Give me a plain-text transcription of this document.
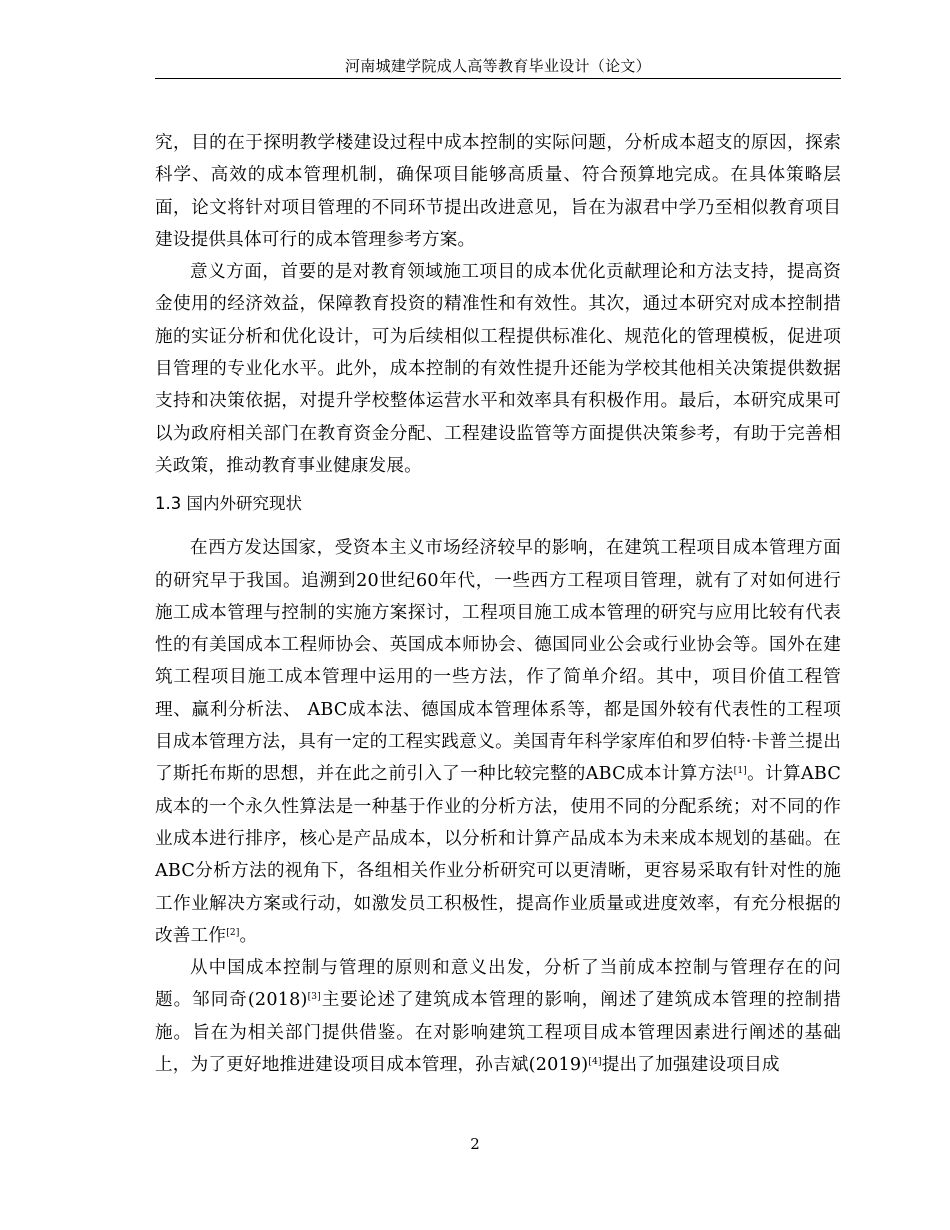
河南城建学院成人高等教育毕业设计（论文）

究，目的在于探明教学楼建设过程中成本控制的实际问题，分析成本超支的原因，探索科学、高效的成本管理机制，确保项目能够高质量、符合预算地完成。在具体策略层面，论文将针对项目管理的不同环节提出改进意见，旨在为淑君中学乃至相似教育项目建设提供具体可行的成本管理参考方案。

意义方面，首要的是对教育领域施工项目的成本优化贡献理论和方法支持，提高资金使用的经济效益，保障教育投资的精准性和有效性。其次，通过本研究对成本控制措施的实证分析和优化设计，可为后续相似工程提供标准化、规范化的管理模板，促进项目管理的专业化水平。此外，成本控制的有效性提升还能为学校其他相关决策提供数据支持和决策依据，对提升学校整体运营水平和效率具有积极作用。最后，本研究成果可以为政府相关部门在教育资金分配、工程建设监管等方面提供决策参考，有助于完善相关政策，推动教育事业健康发展。

1.3 国内外研究现状

在西方发达国家，受资本主义市场经济较早的影响，在建筑工程项目成本管理方面的研究早于我国。追溯到20世纪60年代，一些西方工程项目管理，就有了对如何进行施工成本管理与控制的实施方案探讨，工程项目施工成本管理的研究与应用比较有代表性的有美国成本工程师协会、英国成本师协会、德国同业公会或行业协会等。国外在建筑工程项目施工成本管理中运用的一些方法，作了简单介绍。其中，项目价值工程管理、赢利分析法、 ABC成本法、德国成本管理体系等，都是国外较有代表性的工程项目成本管理方法，具有一定的工程实践意义。美国青年科学家库伯和罗伯特·卡普兰提出了斯托布斯的思想，并在此之前引入了一种比较完整的ABC成本计算方法[1]。计算ABC成本的一个永久性算法是一种基于作业的分析方法，使用不同的分配系统；对不同的作业成本进行排序，核心是产品成本，以分析和计算产品成本为未来成本规划的基础。在ABC分析方法的视角下，各组相关作业分析研究可以更清晰，更容易采取有针对性的施工作业解决方案或行动，如激发员工积极性，提高作业质量或进度效率，有充分根据的改善工作[2]。

从中国成本控制与管理的原则和意义出发，分析了当前成本控制与管理存在的问题。邹同奇(2018)[3]主要论述了建筑成本管理的影响，阐述了建筑成本管理的控制措施。旨在为相关部门提供借鉴。在对影响建筑工程项目成本管理因素进行阐述的基础上，为了更好地推进建设项目成本管理，孙吉斌(2019)[4]提出了加强建设项目成

2
